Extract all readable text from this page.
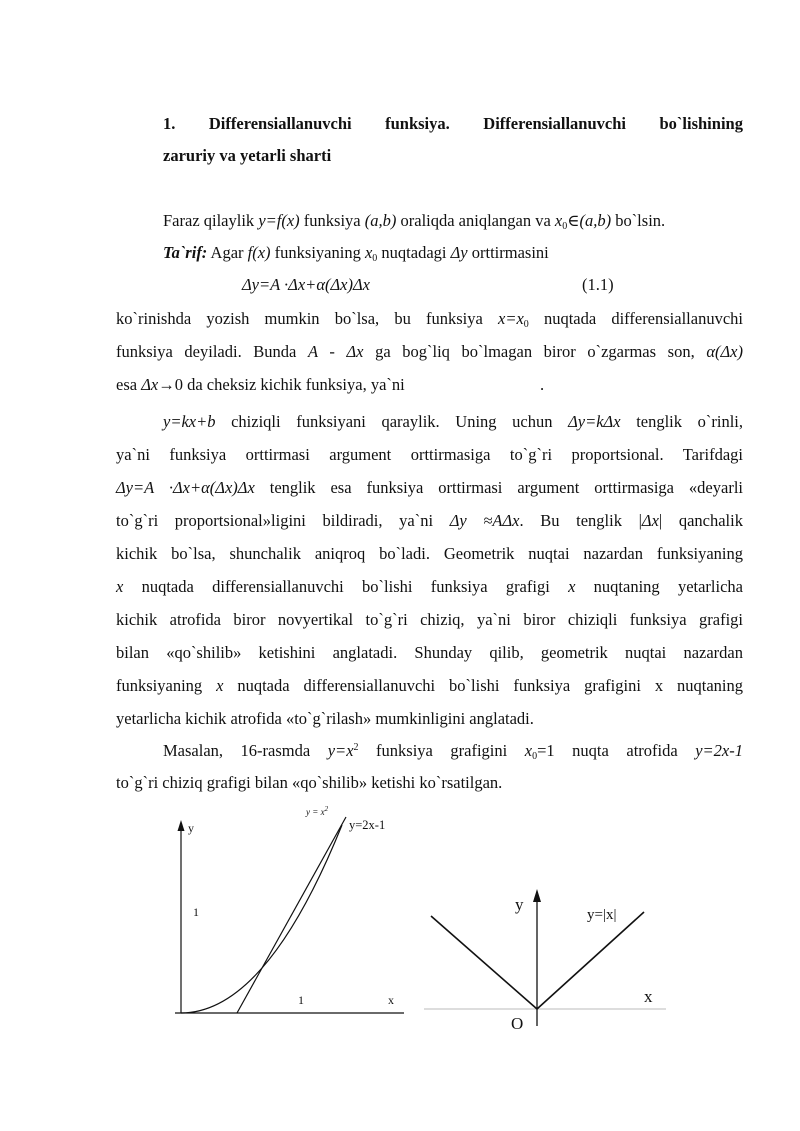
1. Differensiallanuvchi funksiya. Differensiallanuvchi bo`lishining
zaruriy va yetarli sharti
Faraz qilaylik y=f(x) funksiya (a,b) oraliqda aniqlangan va $x_0\in(a,b)$ bo`lsin.
Ta`rif: Agar f(x) funksiyaning $x_0$ nuqtadagi Δy orttirmasini
Δy=A ·Δx+α(Δx)Δx	(1.1)
ko`rinishda yozish mumkin bo`lsa, bu funksiya $x=x_0$ nuqtada differensiallanuvchi
funksiya deyiladi. Bunda A - Δx ga bog`liq bo`lmagan biror o`zgarmas son, α(Δx)
esa Δx→0 da cheksiz kichik funksiya, ya`ni	.
y=kx+b chiziqli funksiyani qaraylik. Uning uchun Δy=kΔx tenglik o`rinli,
ya`ni funksiya orttirmasi argument orttirmasiga to`g`ri proportsional. Tarifdagi
Δy=A ·Δx+α(Δx)Δx tenglik esa funksiya orttirmasi argument orttirmasiga «deyarli
to`g`ri proportsional»ligini bildiradi, ya`ni Δy ≈AΔx. Bu tenglik |Δx| qanchalik
kichik bo`lsa, shunchalik aniqroq bo`ladi. Geometrik nuqtai nazardan funksiyaning
x nuqtada differensiallanuvchi bo`lishi funksiya grafigi x nuqtaning yetarlicha
kichik atrofida biror novyertikal to`g`ri chiziq, ya`ni biror chiziqli funksiya grafigi
bilan «qo`shilib» ketishini anglatadi. Shunday qilib, geometrik nuqtai nazardan
funksiyaning x nuqtada differensiallanuvchi bo`lishi funksiya grafigini x nuqtaning
yetarlicha kichik atrofida «to`g`rilash» mumkinligini anglatadi.
Masalan, 16-rasmda $y=x^2$ funksiya grafigini $x_0=1$ nuqta atrofida y=2x-1
to`g`ri chiziq grafigi bilan «qo`shilib» ketishi ko`rsatilgan.
y
x
1
1
$y = x^2$
y=2x-1
y
x
O
y=|x|
